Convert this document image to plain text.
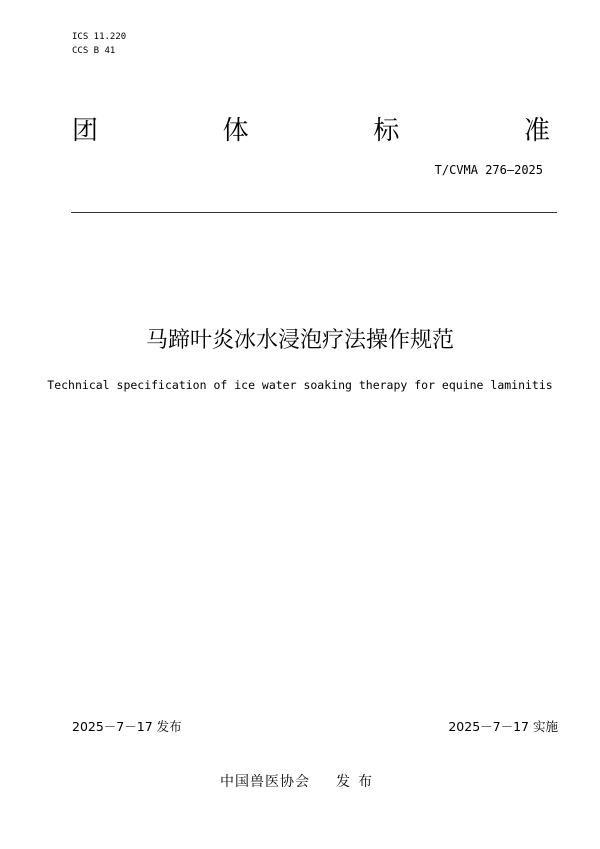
ICS 11.220
CCS B 41
团	体	标	准
T/CVMA 276—2025
马蹄叶炎冰水浸泡疗法操作规范
Technical specification of ice water soaking therapy for equine laminitis
2025－7－17 发布	2025－7－17 实施
中国兽医协会 发布
